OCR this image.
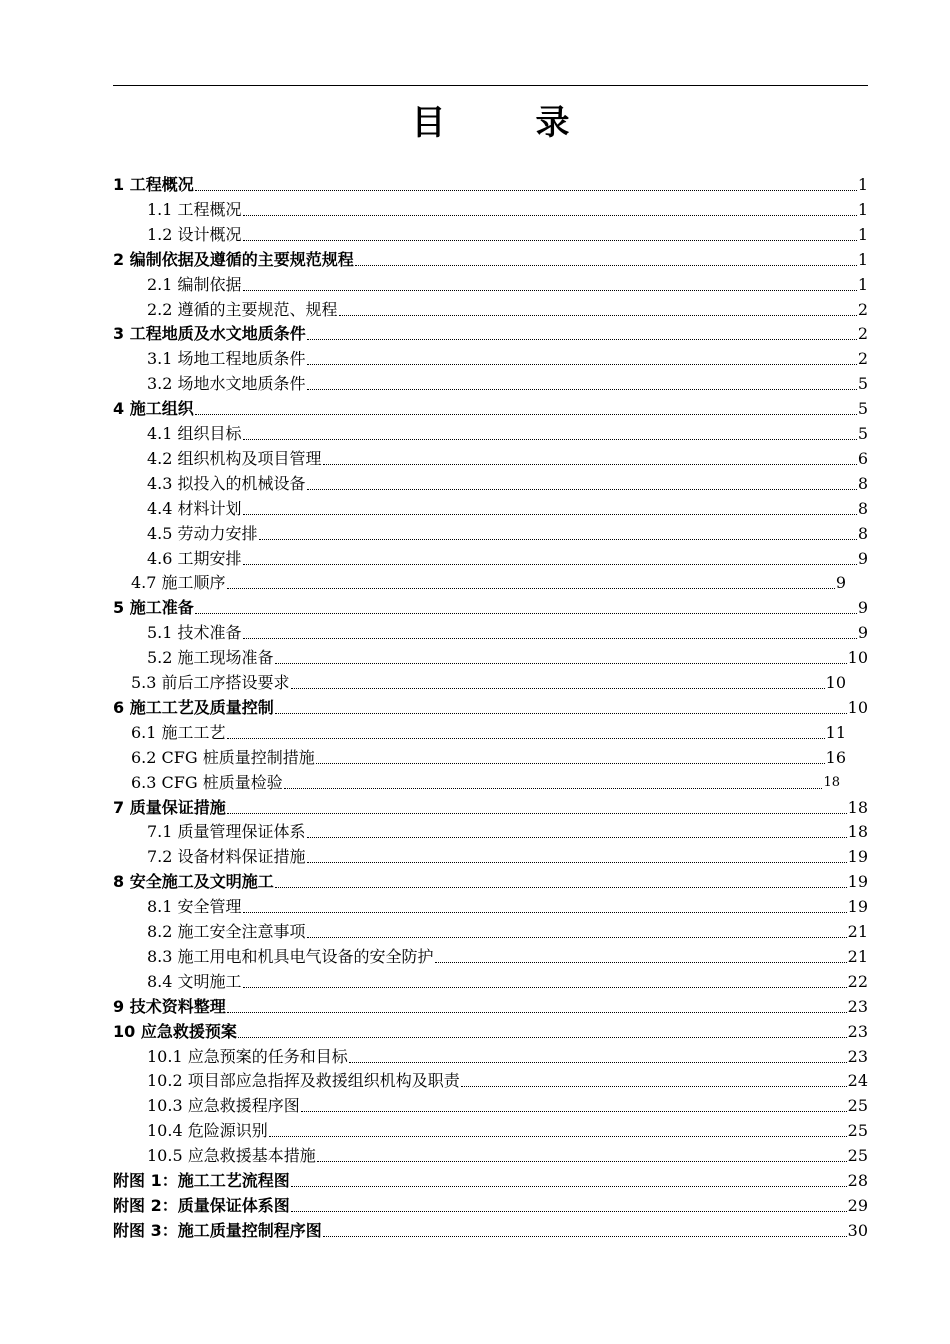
目	录
1 工程概况	1
1.1 工程概况	1
1.2 设计概况	1
2 编制依据及遵循的主要规范规程	1
2.1 编制依据	1
2.2 遵循的主要规范、规程	2
3 工程地质及水文地质条件	2
3.1 场地工程地质条件	2
3.2 场地水文地质条件	5
4 施工组织	5
4.1 组织目标	5
4.2 组织机构及项目管理	6
4.3 拟投入的机械设备	8
4.4 材料计划	8
4.5 劳动力安排	8
4.6 工期安排	9
4.7 施工顺序	9
5 施工准备	9
5.1 技术准备	9
5.2 施工现场准备	10
5.3 前后工序搭设要求	10
6 施工工艺及质量控制	10
6.1 施工工艺	11
6.2 CFG 桩质量控制措施	16
6.3 CFG 桩质量检验	18
7 质量保证措施	18
7.1 质量管理保证体系	18
7.2 设备材料保证措施	19
8 安全施工及文明施工	19
8.1 安全管理	19
8.2 施工安全注意事项	21
8.3 施工用电和机具电气设备的安全防护	21
8.4 文明施工	22
9 技术资料整理	23
10 应急救援预案	23
10.1 应急预案的任务和目标	23
10.2 项目部应急指挥及救援组织机构及职责	24
10.3 应急救援程序图	25
10.4 危险源识别	25
10.5 应急救援基本措施	25
附图 1：施工工艺流程图	28
附图 2：质量保证体系图	29
附图 3：施工质量控制程序图	30
